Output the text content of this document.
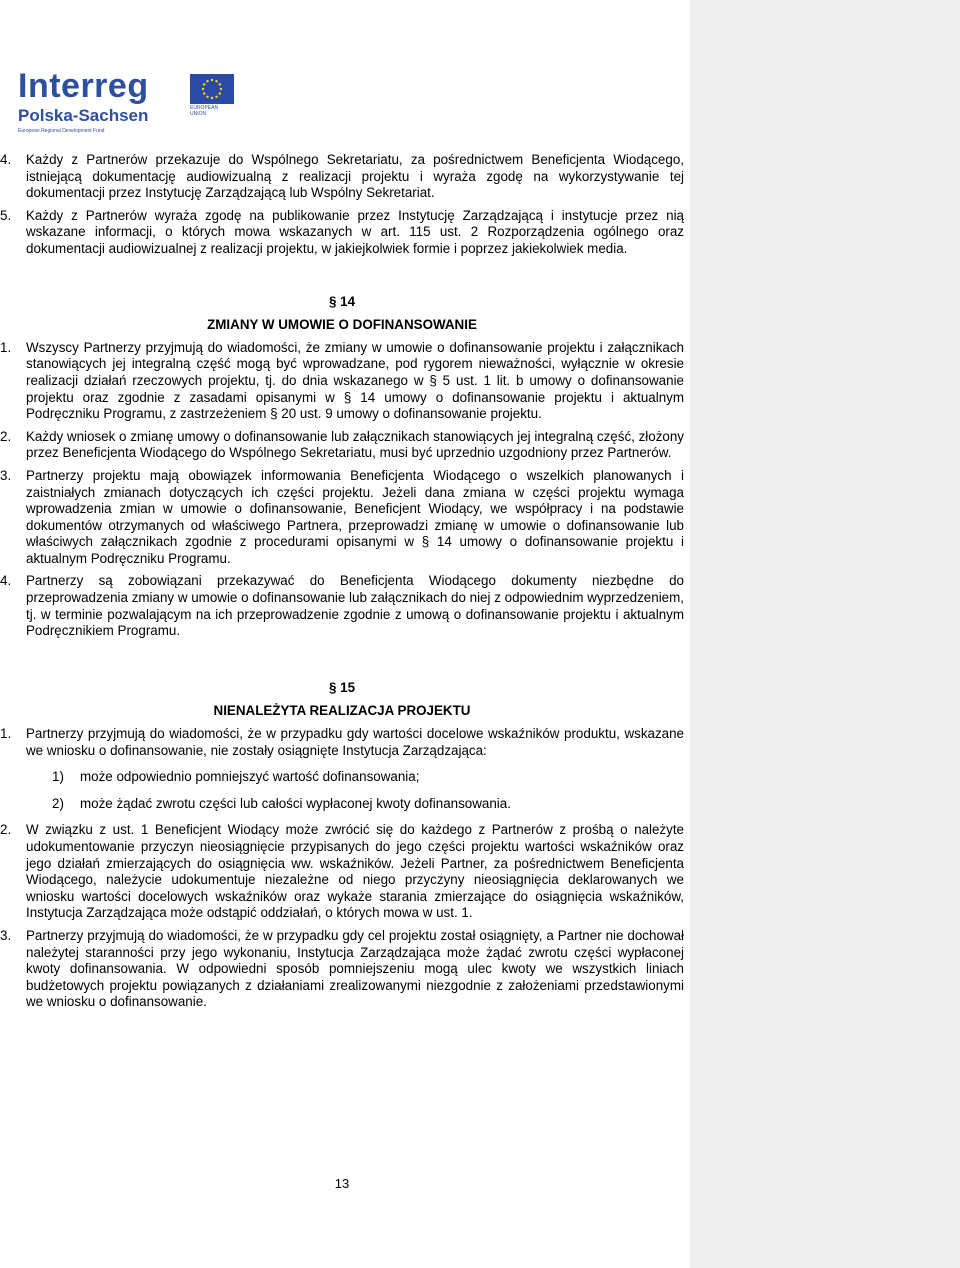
Interreg
Polska-Sachsen
European Regional Development Fund
EUROPEAN UNION

4.	Każdy z Partnerów przekazuje do Wspólnego Sekretariatu, za pośrednictwem Beneficjenta Wiodącego, istniejącą dokumentację audiowizualną z realizacji projektu i wyraża zgodę na wykorzystywanie tej dokumentacji przez Instytucję Zarządzającą lub Wspólny Sekretariat.

5.	Każdy z Partnerów wyraża zgodę na publikowanie przez Instytucję Zarządzającą i instytucje przez nią wskazane informacji, o których mowa wskazanych w art. 115 ust. 2 Rozporządzenia ogólnego oraz dokumentacji audiowizualnej z realizacji projektu, w jakiejkolwiek formie i poprzez jakiekolwiek media.

§ 14

ZMIANY W UMOWIE O DOFINANSOWANIE

1.	Wszyscy Partnerzy przyjmują do wiadomości, że zmiany w umowie o dofinansowanie projektu i załącznikach stanowiących jej integralną część mogą być wprowadzane, pod rygorem nieważności, wyłącznie w okresie realizacji działań rzeczowych projektu, tj. do dnia wskazanego w § 5 ust. 1 lit. b umowy o dofinansowanie projektu oraz zgodnie z zasadami opisanymi w § 14 umowy o dofinansowanie projektu i aktualnym Podręczniku Programu, z zastrzeżeniem § 20 ust. 9 umowy o dofinansowanie projektu.

2.	Każdy wniosek o zmianę umowy o dofinansowanie lub załącznikach stanowiących jej integralną część, złożony przez Beneficjenta Wiodącego do Wspólnego Sekretariatu, musi być uprzednio uzgodniony przez Partnerów.

3.	Partnerzy projektu mają obowiązek informowania Beneficjenta Wiodącego o wszelkich planowanych i zaistniałych zmianach dotyczących ich części projektu. Jeżeli dana zmiana w części projektu wymaga wprowadzenia zmian w umowie o dofinansowanie, Beneficjent Wiodący, we współpracy i na podstawie dokumentów otrzymanych od właściwego Partnera, przeprowadzi zmianę w umowie o dofinansowanie lub właściwych załącznikach zgodnie z procedurami opisanymi w § 14 umowy o dofinansowanie projektu i aktualnym Podręczniku Programu.

4.	Partnerzy są zobowiązani przekazywać do Beneficjenta Wiodącego dokumenty niezbędne do przeprowadzenia zmiany w umowie o dofinansowanie lub załącznikach do niej z odpowiednim wyprzedzeniem, tj. w terminie pozwalającym na ich przeprowadzenie zgodnie z umową o dofinansowanie projektu i aktualnym Podręcznikiem Programu.

§ 15

NIENALEŻYTA REALIZACJA PROJEKTU

1.	Partnerzy przyjmują do wiadomości, że w przypadku gdy wartości docelowe wskaźników produktu, wskazane we wniosku o dofinansowanie, nie zostały osiągnięte Instytucja Zarządzająca:

1)	może odpowiednio pomniejszyć wartość dofinansowania;

2)	może żądać zwrotu części lub całości wypłaconej kwoty dofinansowania.

2.	W związku z ust. 1 Beneficjent Wiodący może zwrócić się do każdego z Partnerów z prośbą o należyte udokumentowanie przyczyn nieosiągnięcie przypisanych do jego części projektu wartości wskaźników oraz jego działań zmierzających do osiągnięcia ww. wskaźników. Jeżeli Partner, za pośrednictwem Beneficjenta Wiodącego, należycie udokumentuje niezależne od niego przyczyny nieosiągnięcia deklarowanych we wniosku wartości docelowych wskaźników oraz wykaże starania zmierzające do osiągnięcia wskaźników, Instytucja Zarządzająca może odstąpić oddziałań, o których mowa w ust. 1.

3.	Partnerzy przyjmują do wiadomości, że w przypadku gdy cel projektu został osiągnięty, a Partner nie dochował należytej staranności przy jego wykonaniu, Instytucja Zarządzająca może żądać zwrotu części wypłaconej kwoty dofinansowania. W odpowiedni sposób pomniejszeniu mogą ulec kwoty we wszystkich liniach budżetowych projektu powiązanych z działaniami zrealizowanymi niezgodnie z założeniami przedstawionymi we wniosku o dofinansowanie.

13
